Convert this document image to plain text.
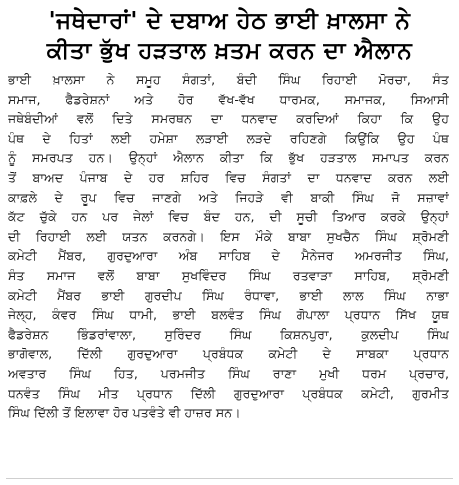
'ਜਥੇਦਾਰਾਂ' ਦੇ ਦਬਾਅ ਹੇਠ ਭਾਈ ਖ਼ਾਲਸਾ ਨੇ
ਕੀਤਾ ਭੁੱਖ ਹੜਤਾਲ ਖ਼ਤਮ ਕਰਨ ਦਾ ਐਲਾਨ
ਭਾਈ ਖ਼ਾਲਸਾ ਨੇ ਸਮੂਹ ਸੰਗਤਾਂ, ਬੰਦੀ ਸਿੰਘ ਰਿਹਾਈ ਮੋਰਚਾ, ਸੰਤ
ਸਮਾਜ, ਫੈਡਰੇਸ਼ਨਾਂ ਅਤੇ ਹੋਰ ਵੱਖ-ਵੱਖ ਧਾਰਮਕ, ਸਮਾਜਕ, ਸਿਆਸੀ
ਜਥੇਬੰਦੀਆਂ ਵਲੋਂ ਦਿਤੇ ਸਮਰਥਨ ਦਾ ਧਨਵਾਦ ਕਰਦਿਆਂ ਕਿਹਾ ਕਿ ਉਹ
ਪੰਥ ਦੇ ਹਿਤਾਂ ਲਈ ਹਮੇਸ਼ਾ ਲੜਾਈ ਲੜਦੇ ਰਹਿਣਗੇ ਕਿਉਂਕਿ ਉਹ ਪੰਥ
ਨੂੰ ਸਮਰਪਤ ਹਨ। ਉਨ੍ਹਾਂ ਐਲਾਨ ਕੀਤਾ ਕਿ ਭੁੱਖ ਹੜਤਾਲ ਸਮਾਪਤ ਕਰਨ
ਤੋਂ ਬਾਅਦ ਪੰਜਾਬ ਦੇ ਹਰ ਸ਼ਹਿਰ ਵਿਚ ਸੰਗਤਾਂ ਦਾ ਧਨਵਾਦ ਕਰਨ ਲਈ
ਕਾਫ਼ਲੇ ਦੇ ਰੂਪ ਵਿਚ ਜਾਣਗੇ ਅਤੇ ਜਿਹੜੇ ਵੀ ਬਾਕੀ ਸਿੰਘ ਜੋ ਸਜ਼ਾਵਾਂ
ਕੱਟ ਚੁੱਕੇ ਹਨ ਪਰ ਜੇਲਾਂ ਵਿਚ ਬੰਦ ਹਨ, ਦੀ ਸੂਚੀ ਤਿਆਰ ਕਰਕੇ ਉਨ੍ਹਾਂ
ਦੀ ਰਿਹਾਈ ਲਈ ਯਤਨ ਕਰਨਗੇ। ਇਸ ਮੌਕੇ ਬਾਬਾ ਸੁਖਚੈਨ ਸਿੰਘ ਸ਼੍ਰੋਮਣੀ
ਕਮੇਟੀ ਮੈਂਬਰ, ਗੁਰਦੁਆਰਾ ਅੰਬ ਸਾਹਿਬ ਦੇ ਮੈਨੇਜਰ ਅਮਰਜੀਤ ਸਿੰਘ,
ਸੰਤ ਸਮਾਜ ਵਲੋਂ ਬਾਬਾ ਸੁਖਵਿੰਦਰ ਸਿੰਘ ਰਤਵਾੜਾ ਸਾਹਿਬ, ਸ਼੍ਰੋਮਣੀ
ਕਮੇਟੀ ਮੈਂਬਰ ਭਾਈ ਗੁਰਦੀਪ ਸਿੰਘ ਰੰਧਾਵਾ, ਭਾਈ ਲਾਲ ਸਿੰਘ ਨਾਭਾ
ਜੇਲ੍ਹ, ਕੰਵਰ ਸਿੰਘ ਧਾਮੀ, ਭਾਈ ਬਲਵੰਤ ਸਿੰਘ ਗੋਪਾਲਾ ਪ੍ਰਧਾਨ ਸਿੱਖ ਯੂਥ
ਫੈਡਰੇਸ਼ਨ ਭਿੰਡਰਾਂਵਾਲਾ, ਸੁਰਿੰਦਰ ਸਿੰਘ ਕਿਸ਼ਨਪੁਰਾ, ਕੁਲਦੀਪ ਸਿੰਘ
ਭਾਗੋਵਾਲ, ਦਿੱਲੀ ਗੁਰਦੁਆਰਾ ਪ੍ਰਬੰਧਕ ਕਮੇਟੀ ਦੇ ਸਾਬਕਾ ਪ੍ਰਧਾਨ
ਅਵਤਾਰ ਸਿੰਘ ਹਿਤ, ਪਰਮਜੀਤ ਸਿੰਘ ਰਾਣਾ ਮੁਖੀ ਧਰਮ ਪ੍ਰਚਾਰ,
ਧਨਵੰਤ ਸਿੰਘ ਮੀਤ ਪ੍ਰਧਾਨ ਦਿੱਲੀ ਗੁਰਦੁਆਰਾ ਪ੍ਰਬੰਧਕ ਕਮੇਟੀ, ਗੁਰਮੀਤ
ਸਿੰਘ ਦਿੱਲੀ ਤੋਂ ਇਲਾਵਾ ਹੋਰ ਪਤਵੰਤੇ ਵੀ ਹਾਜ਼ਰ ਸਨ।
